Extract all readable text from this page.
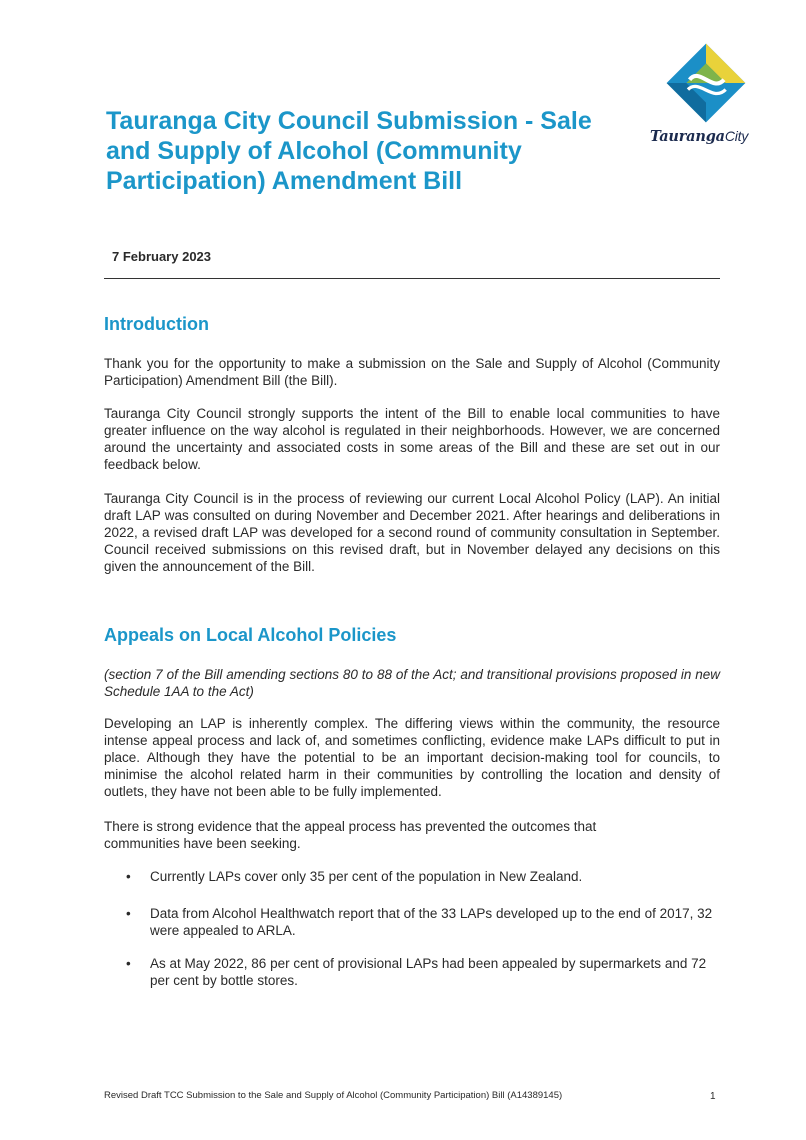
TaurangaCity
Tauranga City Council Submission - Sale and Supply of Alcohol (Community Participation) Amendment Bill
7 February 2023
Introduction

Thank you for the opportunity to make a submission on the Sale and Supply of Alcohol (Community Participation) Amendment Bill (the Bill).

Tauranga City Council strongly supports the intent of the Bill to enable local communities to have greater influence on the way alcohol is regulated in their neighborhoods. However, we are concerned around the uncertainty and associated costs in some areas of the Bill and these are set out in our feedback below.

Tauranga City Council is in the process of reviewing our current Local Alcohol Policy (LAP). An initial draft LAP was consulted on during November and December 2021. After hearings and deliberations in 2022, a revised draft LAP was developed for a second round of community consultation in September. Council received submissions on this revised draft, but in November delayed any decisions on this given the announcement of the Bill.

Appeals on Local Alcohol Policies

(section 7 of the Bill amending sections 80 to 88 of the Act; and transitional provisions proposed in new Schedule 1AA to the Act)

Developing an LAP is inherently complex. The differing views within the community, the resource intense appeal process and lack of, and sometimes conflicting, evidence make LAPs difficult to put in place. Although they have the potential to be an important decision-making tool for councils, to minimise the alcohol related harm in their communities by controlling the location and density of outlets, they have not been able to be fully implemented.

There is strong evidence that the appeal process has prevented the outcomes that communities have been seeking.

• Currently LAPs cover only 35 per cent of the population in New Zealand.
• Data from Alcohol Healthwatch report that of the 33 LAPs developed up to the end of 2017, 32 were appealed to ARLA.
• As at May 2022, 86 per cent of provisional LAPs had been appealed by supermarkets and 72 per cent by bottle stores.
Revised Draft TCC Submission to the Sale and Supply of Alcohol (Community Participation) Bill (A14389145)	1
